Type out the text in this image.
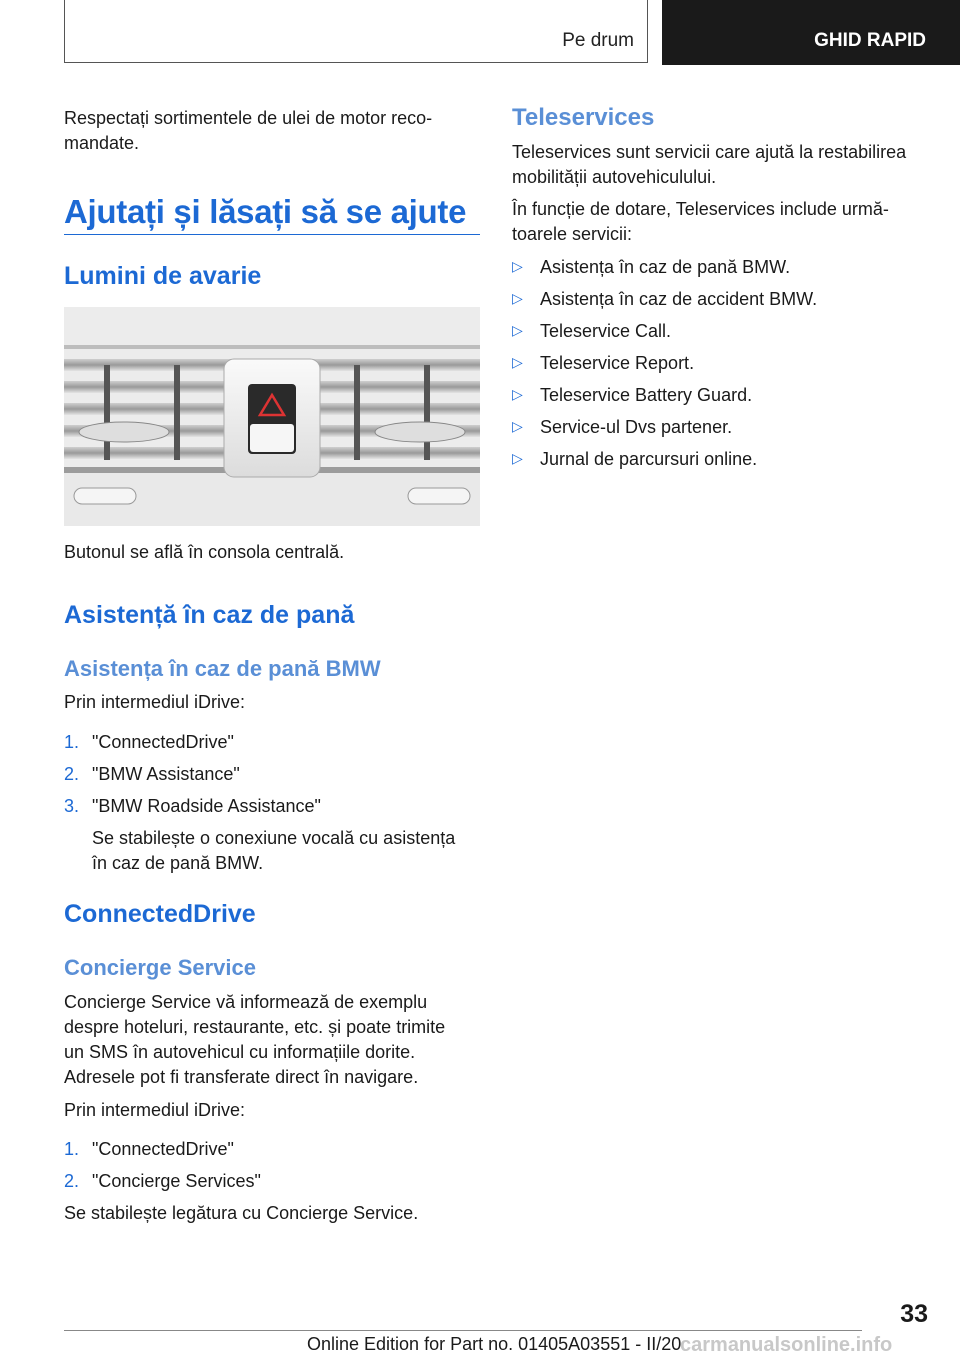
Pe drum	GHID RAPID

Respectați sortimentele de ulei de motor reco-

mandate.

Ajutați și lăsați să se ajute
Lumini de avarie

Butonul se află în consola centrală.

Asistență în caz de pană
Asistența în caz de pană BMW

Prin intermediul iDrive:

1. "ConnectedDrive"

2. "BMW Assistance"

3. "BMW Roadside Assistance"

Se stabilește o conexiune vocală cu asistența

în caz de pană BMW.

ConnectedDrive
Concierge Service

Concierge Service vă informează de exemplu

despre hoteluri, restaurante, etc. și poate trimite

un SMS în autovehicul cu informațiile dorite.

Adresele pot fi transferate direct în navigare.

Prin intermediul iDrive:

1. "ConnectedDrive"

2. "Concierge Services"

Se stabilește legătura cu Concierge Service.

Teleservices

Teleservices sunt servicii care ajută la restabilirea

mobilității autovehiculului.

În funcție de dotare, Teleservices include urmă-

toarele servicii:

▷ Asistența în caz de pană BMW.

▷ Asistența în caz de accident BMW.

▷ Teleservice Call.

▷ Teleservice Report.

▷ Teleservice Battery Guard.

▷ Service-ul Dvs partener.

▷ Jurnal de parcursuri online.

33
Online Edition for Part no. 01405A03551 - II/20
carmanualsonline.info
